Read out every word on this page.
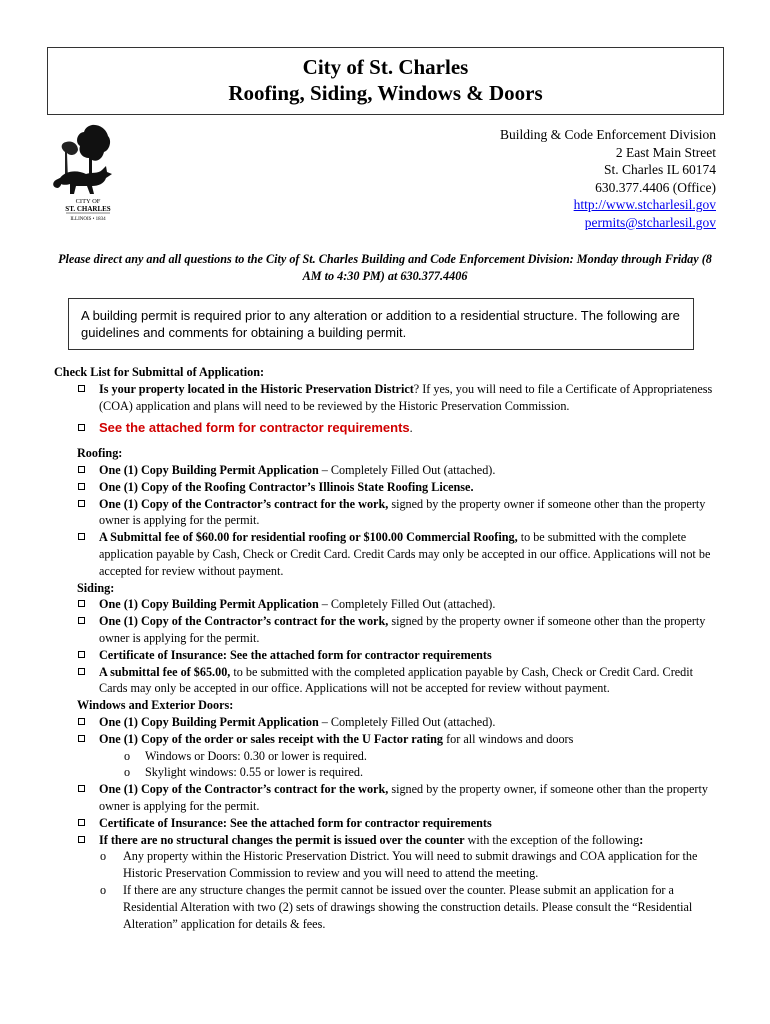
City of St. Charles
Roofing, Siding, Windows & Doors
CITY OF
ST. CHARLES
ILLINOIS • 1834
Building & Code Enforcement Division
2 East Main Street
St. Charles IL 60174
630.377.4406 (Office)
http://www.stcharlesil.gov
permits@stcharlesil.gov
Please direct any and all questions to the City of St. Charles Building and Code Enforcement Division: Monday through Friday (8 AM to 4:30 PM) at 630.377.4406
A building permit is required prior to any alteration or addition to a residential structure. The following are guidelines and comments for obtaining a building permit.
Check List for Submittal of Application:
Is your property located in the Historic Preservation District? If yes, you will need to file a Certificate of Appropriateness (COA) application and plans will need to be reviewed by the Historic Preservation Commission.
See the attached form for contractor requirements.
Roofing:
One (1) Copy Building Permit Application – Completely Filled Out (attached).
One (1) Copy of the Roofing Contractor’s Illinois State Roofing License.
One (1) Copy of the Contractor’s contract for the work, signed by the property owner if someone other than the property owner is applying for the permit.
A Submittal fee of $60.00 for residential roofing or $100.00 Commercial Roofing, to be submitted with the complete application payable by Cash, Check or Credit Card. Credit Cards may only be accepted in our office. Applications will not be accepted for review without payment.
Siding:
One (1) Copy Building Permit Application – Completely Filled Out (attached).
One (1) Copy of the Contractor’s contract for the work, signed by the property owner if someone other than the property owner is applying for the permit.
Certificate of Insurance: See the attached form for contractor requirements
A submittal fee of $65.00, to be submitted with the completed application payable by Cash, Check or Credit Card. Credit Cards may only be accepted in our office. Applications will not be accepted for review without payment.
Windows and Exterior Doors:
One (1) Copy Building Permit Application – Completely Filled Out (attached).
One (1) Copy of the order or sales receipt with the U Factor rating for all windows and doors
o Windows or Doors: 0.30 or lower is required.
o Skylight windows: 0.55 or lower is required.
One (1) Copy of the Contractor’s contract for the work, signed by the property owner, if someone other than the property owner is applying for the permit.
Certificate of Insurance: See the attached form for contractor requirements
If there are no structural changes the permit is issued over the counter with the exception of the following:
o Any property within the Historic Preservation District. You will need to submit drawings and COA application for the Historic Preservation Commission to review and you will need to attend the meeting.
o If there are any structure changes the permit cannot be issued over the counter. Please submit an application for a Residential Alteration with two (2) sets of drawings showing the construction details. Please consult the “Residential Alteration” application for details & fees.
